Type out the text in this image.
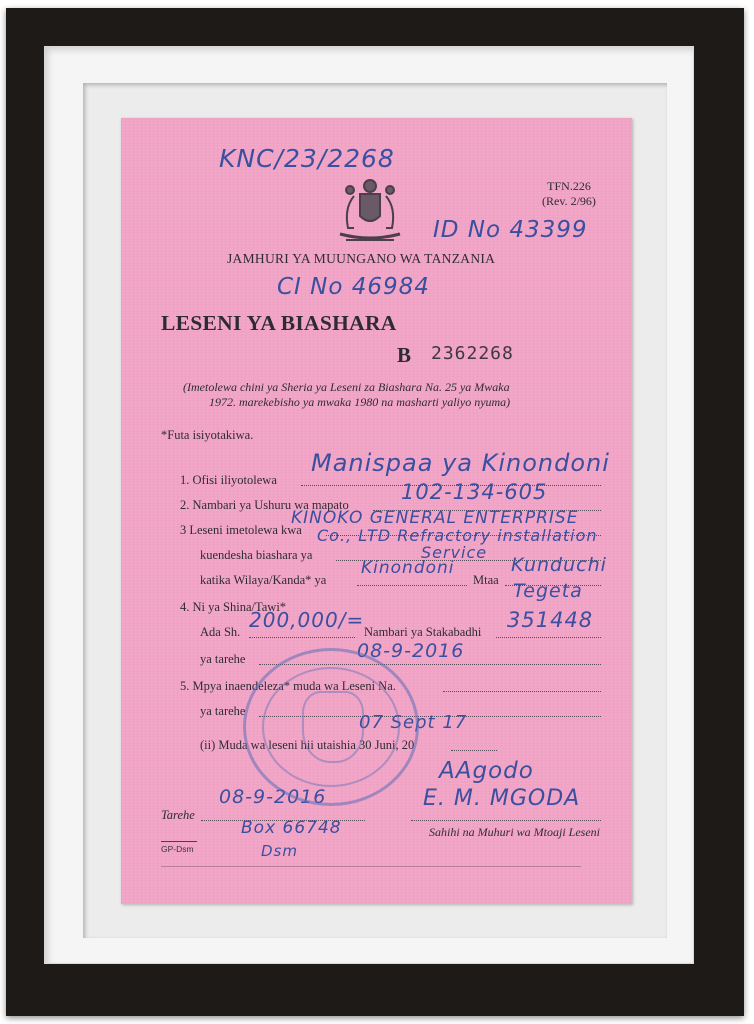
KNC/23/2268
TFN.226
(Rev. 2/96)
ID No 43399
JAMHURI YA MUUNGANO WA TANZANIA
CI No 46984
LESENI YA BIASHARA
B 2362268
(Imetolewa chini ya Sheria ya Leseni za Biashara Na. 25 ya Mwaka
1972. marekebisho ya mwaka 1980 na masharti yaliyo nyuma)
*Futa isiyotakiwa.
1. Ofisi iliyotolewa
Manispaa ya Kinondoni
2. Nambari ya Ushuru wa mapato
102-134-605
3 Leseni imetolewa kwa
KINOKO GENERAL ENTERPRISE
kuendesha biashara ya
Co., LTD Refractory installation
Service
katika Wilaya/Kanda* ya
Kinondoni
Mtaa
Kunduchi
Tegeta
4. Ni ya Shina/Tawi*
Ada Sh. 200,000/= Nambari ya Stakabadhi 351448
ya tarehe	08-9-2016
5. Mpya inaendeleza* muda wa Leseni Na.
ya tarehe
07 Sept 17
(ii) Muda wa leseni hii utaishia 30 Juni, 20
AAgodo
E. M. MGODA
Tarehe
08-9-2016
Sahihi na Muhuri wa Mtoaji Leseni
Box 66748
Dsm
GP-Dsm
